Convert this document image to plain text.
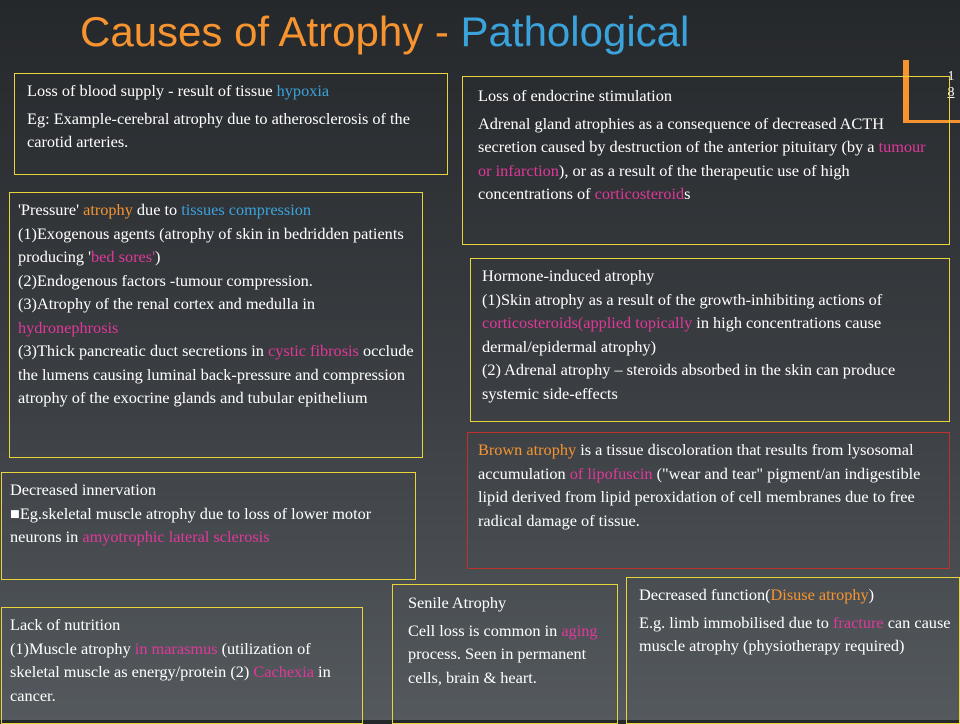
Causes of Atrophy - Pathological
1
8

Loss of blood supply - result of tissue hypoxia

Eg: Example-cerebral atrophy due to atherosclerosis of the carotid arteries.

Loss of endocrine stimulation

Adrenal gland atrophies as a consequence of decreased ACTH secretion caused by destruction of the anterior pituitary (by a tumour or infarction), or as a result of the therapeutic use of high concentrations of corticosteroids

'Pressure' atrophy due to tissues compression

(1)Exogenous agents (atrophy of skin in bedridden patients producing 'bed sores')

(2)Endogenous factors -tumour compression.

(3)Atrophy of the renal cortex and medulla in hydronephrosis

(3)Thick pancreatic duct secretions in cystic fibrosis occlude the lumens causing luminal back-pressure and compression atrophy of the exocrine glands and tubular epithelium

Hormone-induced atrophy

(1)Skin atrophy as a result of the growth-inhibiting actions of corticosteroids(applied topically in high concentrations cause dermal/epidermal atrophy)

(2) Adrenal atrophy – steroids absorbed in the skin can produce systemic side-effects

Brown atrophy is a tissue discoloration that results from lysosomal accumulation of lipofuscin ("wear and tear" pigment/an indigestible lipid derived from lipid peroxidation of cell membranes due to free radical damage of tissue.

Decreased innervation

■Eg.skeletal muscle atrophy due to loss of lower motor neurons in amyotrophic lateral sclerosis

Senile Atrophy

Cell loss is common in aging process. Seen in permanent cells, brain & heart.

Decreased function(Disuse atrophy)

E.g. limb immobilised due to fracture can cause muscle atrophy (physiotherapy required)

Lack of nutrition

(1)Muscle atrophy in marasmus (utilization of skeletal muscle as energy/protein (2) Cachexia in cancer.
